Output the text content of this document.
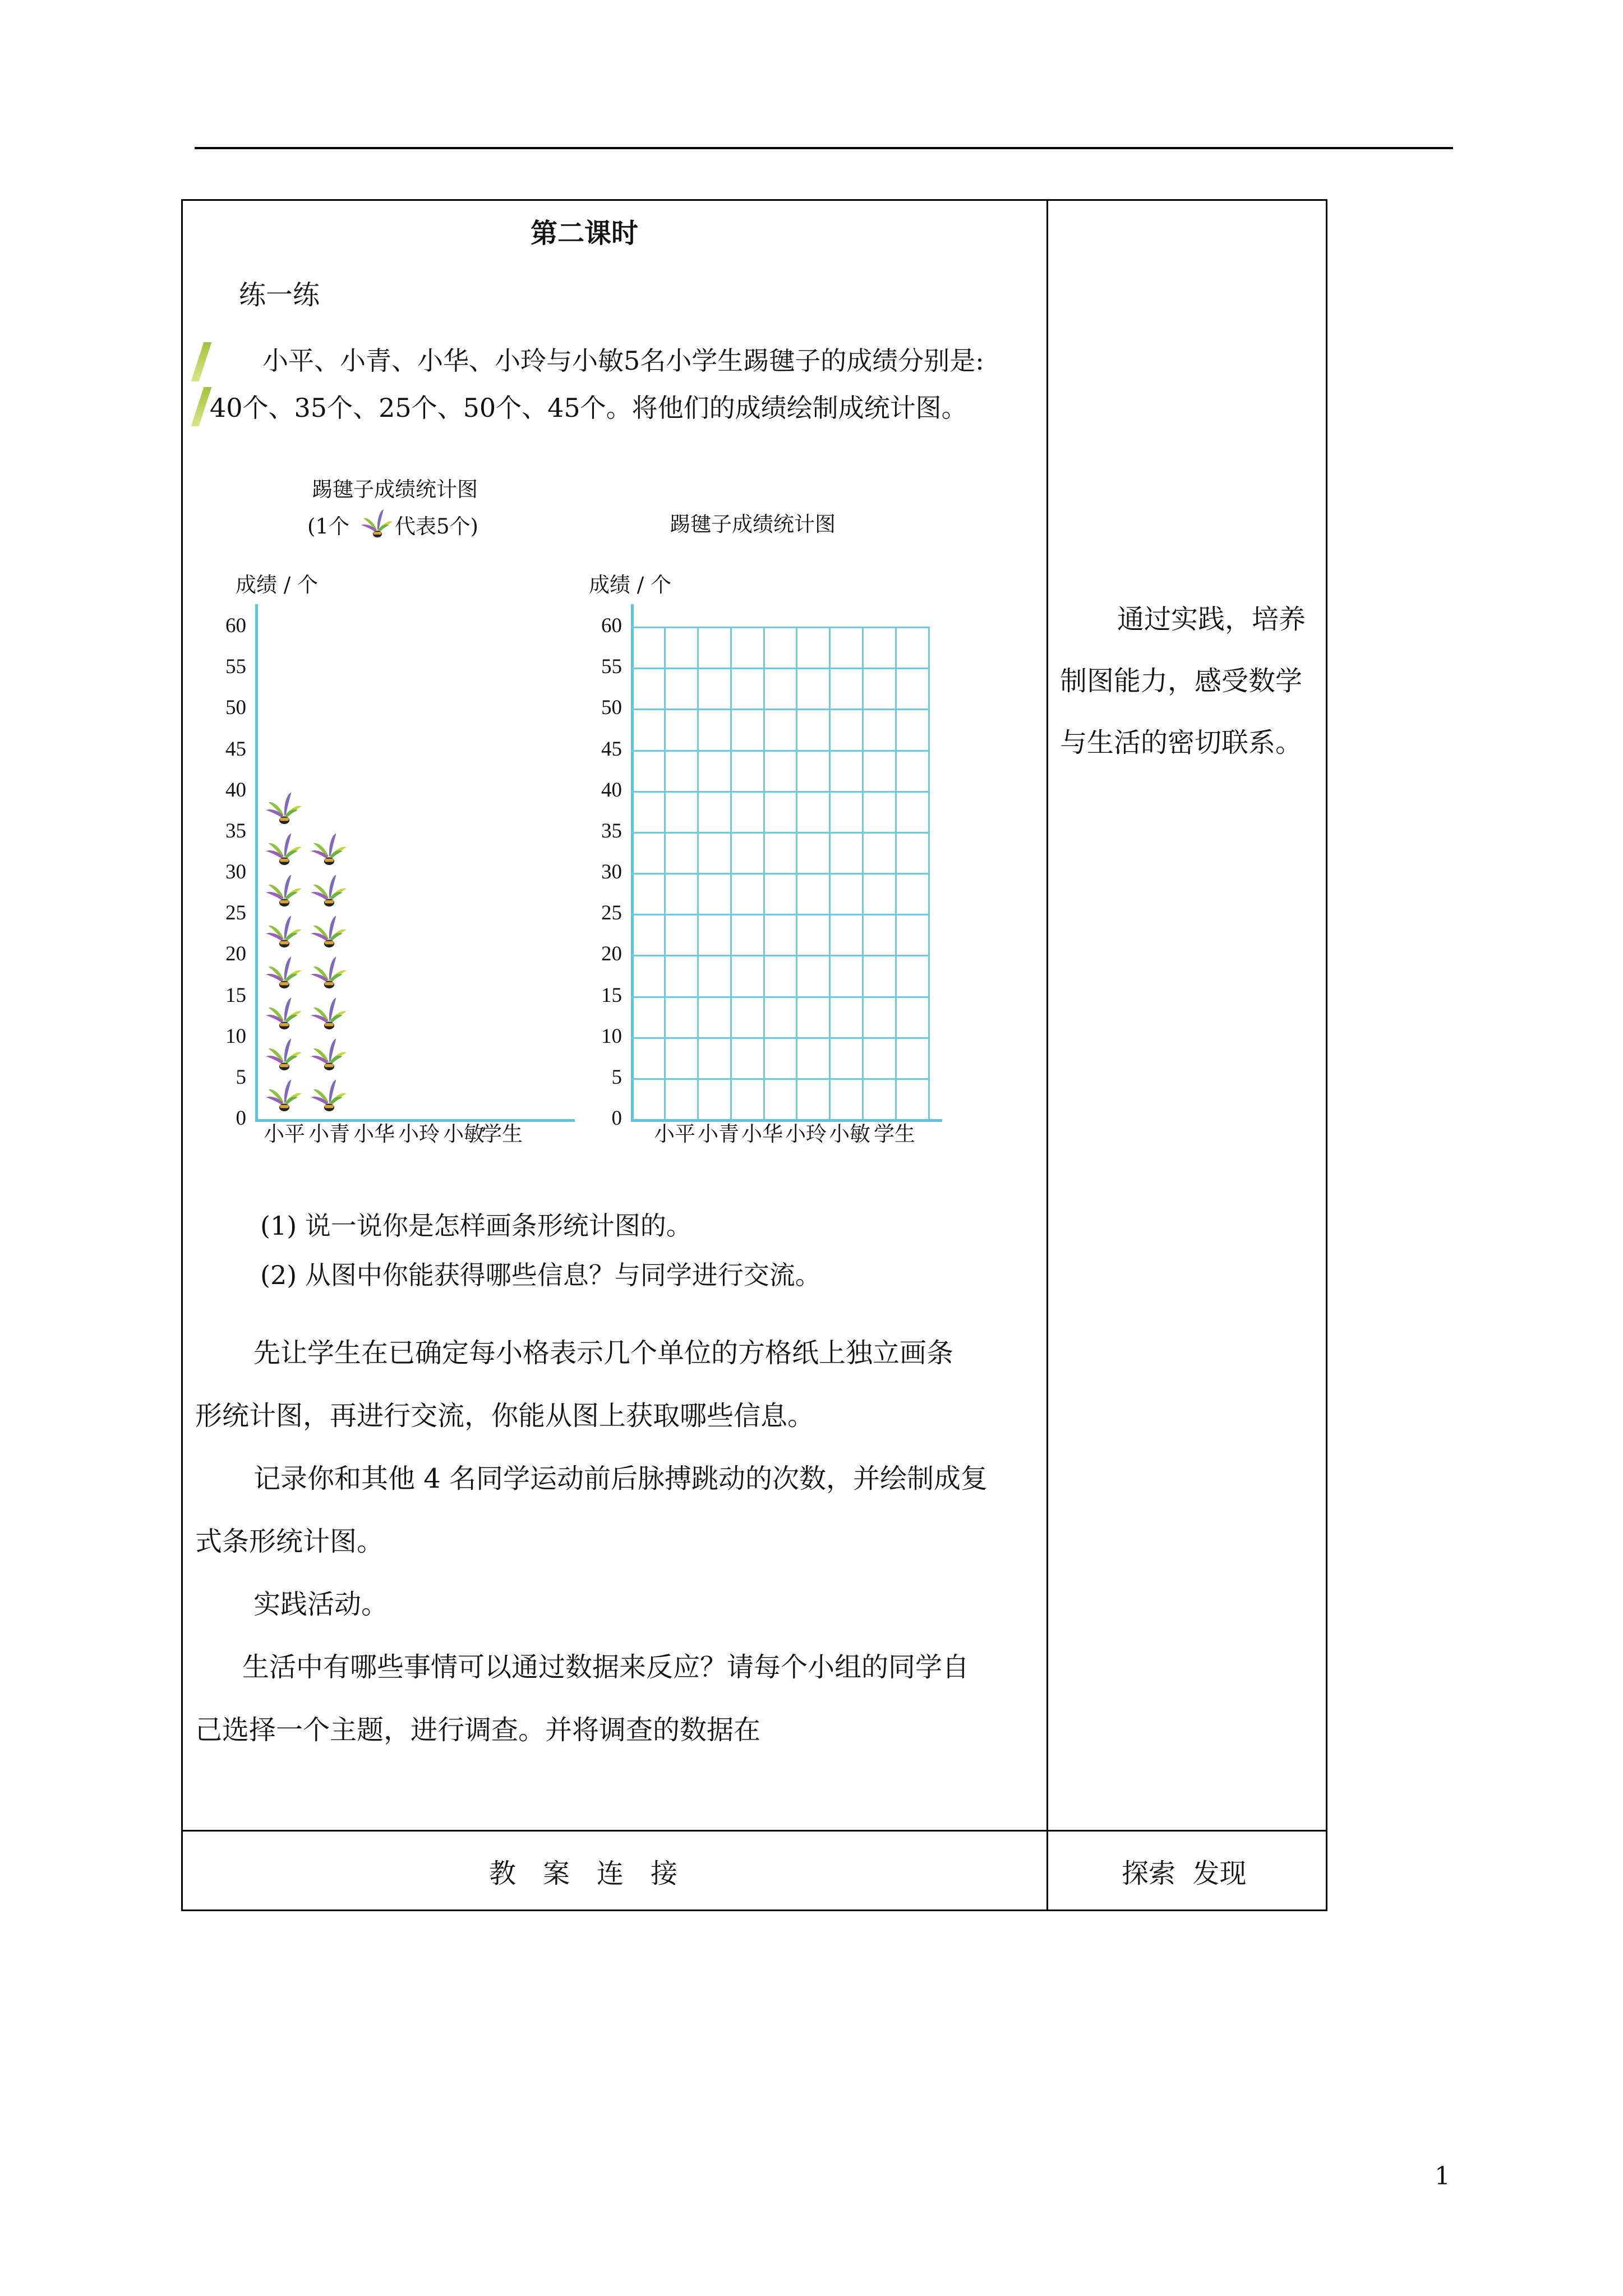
第二课时
练一练
小平、小青、小华、小玲与小敏5名小学生踢毽子的成绩分别是:
40个、35个、25个、50个、45个。将他们的成绩绘制成统计图。
踢毽子成绩统计图
(1个 代表5个)
成绩 / 个
踢毽子成绩统计图
成绩 / 个
(1) 说一说你是怎样画条形统计图的。
(2) 从图中你能获得哪些信息？与同学进行交流。
先让学生在已确定每小格表示几个单位的方格纸上独立画条
形统计图，再进行交流，你能从图上获取哪些信息。
记录你和其他 4 名同学运动前后脉搏跳动的次数，并绘制成复
式条形统计图。
实践活动。
生活中有哪些事情可以通过数据来反应？请每个小组的同学自
己选择一个主题，进行调查。并将调查的数据在
通过实践，培养
制图能力，感受数学
与生活的密切联系。
教　案　连　接	探索  发现
1
0
5
10
15
20
25
30
35
40
45
50
55
60
小平 小青 小华 小玲 小敏
学生
0
5
10
15
20
25
30
35
40
45
50
55
60
小平 小青 小华 小玲 小敏 学生
